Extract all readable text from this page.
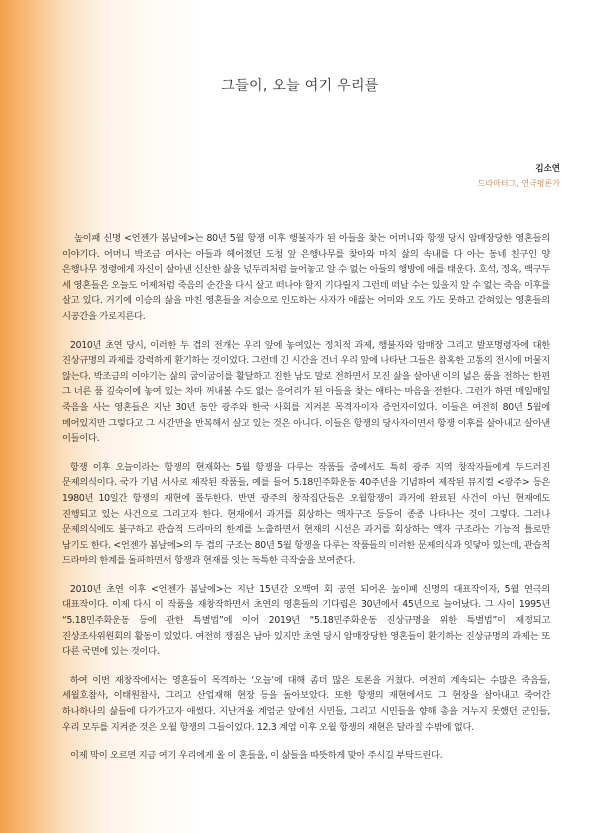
그들이, 오늘 여기 우리를
김소연
드라마터그, 연극평론가

높이패 신명 <언젠가 봄날에>는 80년 5월 항쟁 이후 행불자가 된 아들을 찾는 어머니와 항쟁 당시 암매장당한 영혼들의 이야기다. 어머니 박조금 여사는 아들과 헤어졌던 도청 앞 은행나무를 찾아와 마치 삶의 속내를 다 아는 동네 친구인 양 은행나무 정령에게 자신이 살아낸 신산한 삶을 넋두리처럼 늘어놓고 알 수 없는 아들의 행방에 애를 태운다. 호석, 정옥, 백구두 세 영혼들은 오늘도 어제처럼 죽음의 순간을 다시 살고 떠나야 할지 기다릴지 그런데 떠날 수는 있을지 알 수 없는 죽음 이후를 살고 있다. 거기에 이승의 삶을 마친 영혼들을 저승으로 인도하는 사자가 애끓는 어미와 오도 가도 못하고 갇혀있는 영혼들의 시공간을 가로지른다.

2010년 초연 당시, 이러한 두 겹의 전개는 우리 앞에 놓여있는 정치적 과제, 행불자와 암매장 그리고 발포명령자에 대한 진상규명의 과제를 강력하게 환기하는 것이었다. 그런데 긴 시간을 건너 우리 앞에 나타난 그들은 참혹한 고통의 전시에 머물지 않는다. 박조금의 이야기는 삶의 굽이굽이를 활달하고 진한 남도 말로 전하면서 모진 삶을 살아낸 이의 넓은 품을 전하는 한편 그 너른 품 깊숙이에 놓여 있는 차마 꺼내볼 수도 없는 응어리가 된 아들을 찾는 애타는 마음을 전한다. 그런가 하면 매일매일 죽음을 사는 영혼들은 지난 30년 동안 광주와 한국 사회를 지켜본 목격자이자 증언자이었다. 이들은 여전히 80년 5월에 메어있지만 그렇다고 그 시간만을 반복해서 살고 있는 것은 아니다. 이들은 항쟁의 당사자이면서 항쟁 이후를 살아내고 살아낸 이들이다.

항쟁 이후 오늘이라는 항쟁의 현재화는 5월 항쟁을 다루는 작품들 중에서도 특히 광주 지역 창작자들에게 두드러진 문제의식이다. 국가 기념 서사로 제작된 작품들, 예를 들어 5.18민주화운동 40주년을 기념하여 제작된 뮤지컬 <광주> 등은 1980년 10일간 항쟁의 재현에 몰두한다. 반면 광주의 창작집단들은 오월항쟁이 과거에 완료된 사건이 아닌 현재에도 진행되고 있는 사건으로 그리고자 한다. 현재에서 과거를 회상하는 액자구조 등등이 종종 나타나는 것이 그렇다. 그러나 문제의식에도 불구하고 관습적 드라마의 한계를 노출하면서 현재의 시선은 과거를 회상하는 액자 구조라는 기능적 틀로만 남기도 한다. <언젠가 봄날에>의 두 겹의 구조는 80년 5월 항쟁을 다루는 작품들의 이러한 문제의식과 잇닿아 있는데, 관습적 드라마의 한계를 돌파하면서 항쟁과 현재를 잇는 독특한 극작술을 보여준다.

2010년 초연 이후 <언젠가 봄날에>는 지난 15년간 오백여 회 공연 되어온 높이패 신명의 대표작이자, 5월 연극의 대표작이다. 이제 다시 이 작품을 재창작하면서 초연의 영혼들의 기다림은 30년에서 45년으로 늘어났다. 그 사이 1995년 “5.18민주화운동 등에 관한 특별법”에 이어 2019년 “5.18민주화운동 진상규명을 위한 특별법”이 제정되고 진상조사위원회의 활동이 있었다. 여전히 쟁점은 남아 있지만 초연 당시 암매장당한 영혼들이 환기하는 진상규명의 과제는 또 다른 국면에 있는 것이다.

하여 이번 재창작에서는 영혼들이 목격하는 ‘오늘’에 대해 좀더 많은 토론을 거쳤다. 여전히 계속되는 수많은 죽음들, 세월호참사, 이태원참사, 그리고 산업재해 현장 등을 돌아보았다. 또한 항쟁의 재현에서도 그 현장을 살아내고 죽어간 하나하나의 삶들에 다가가고자 애썼다. 지난겨울 계엄군 앞에선 시민들, 그리고 시민들을 향해 총을 겨누지 못했던 군인들, 우리 모두를 지켜준 것은 오월 항쟁의 그들이었다. 12.3 계엄 이후 오월 항쟁의 재현은 달라질 수밖에 없다.

이제 막이 오르면 지금 여기 우리에게 올 이 혼들을, 이 삶들을 따뜻하게 맞아 주시길 부탁드린다.
